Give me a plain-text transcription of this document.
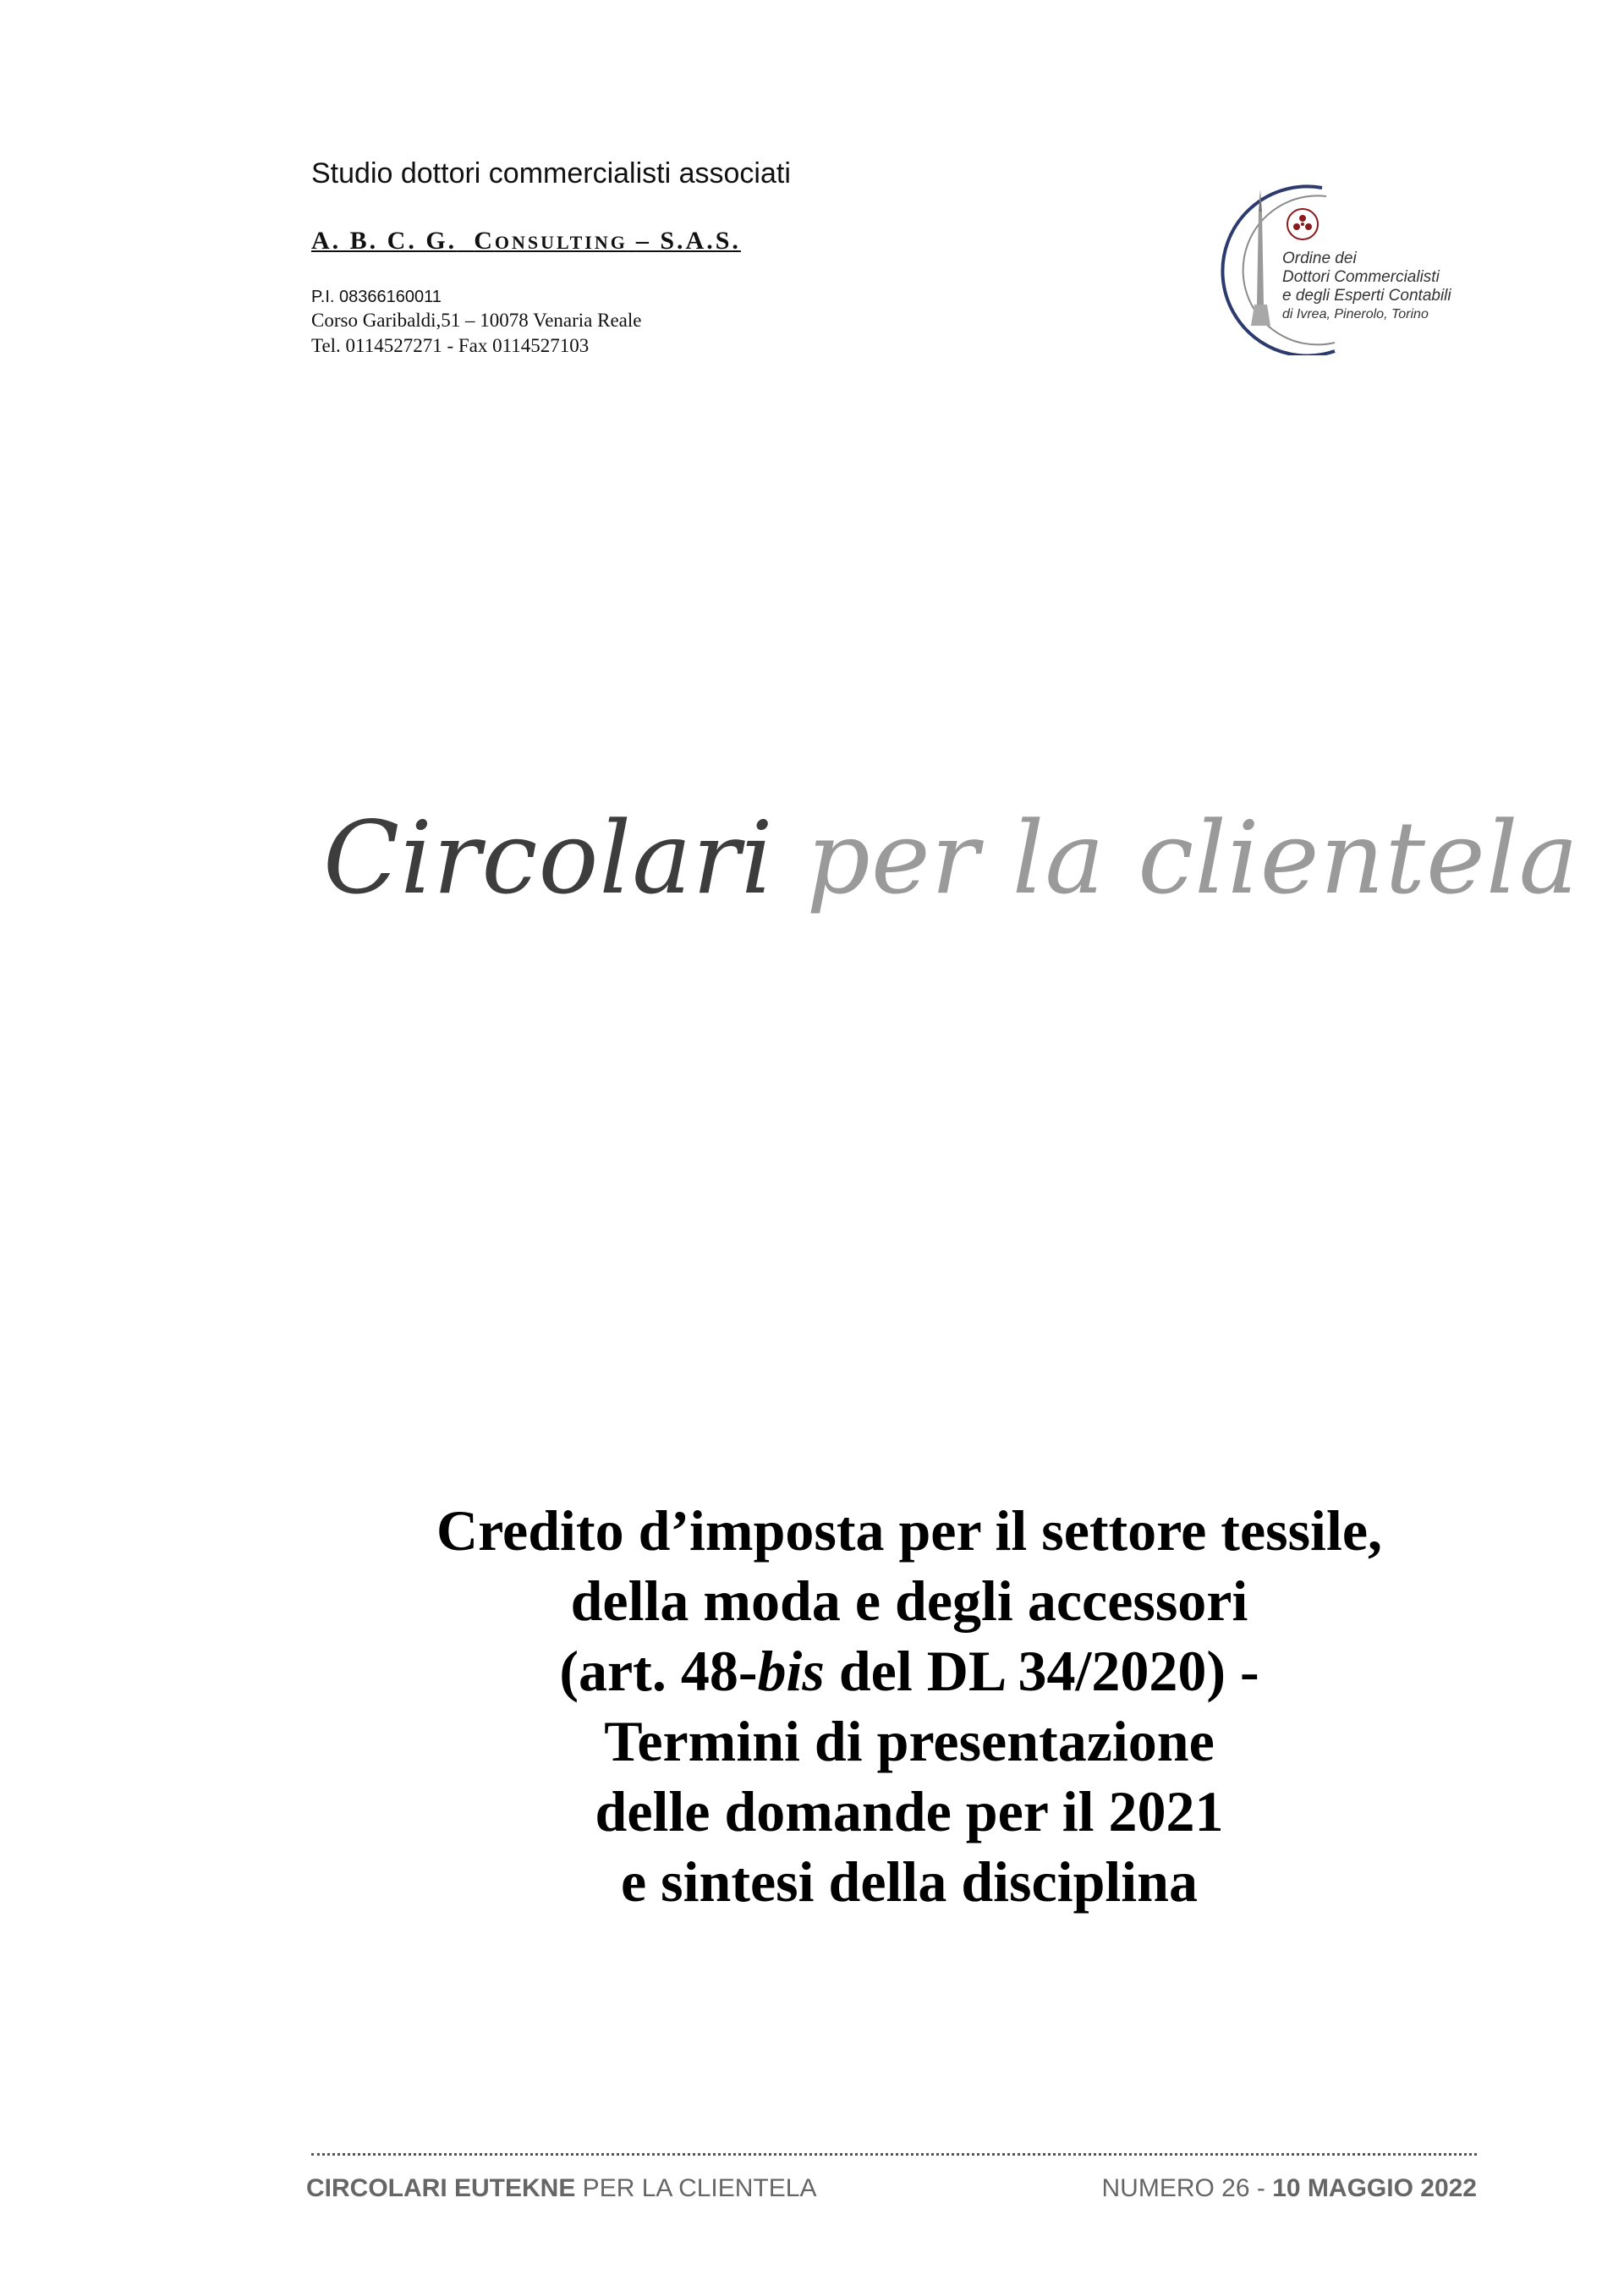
Studio dottori commercialisti associati
A. B. C. G. CONSULTING – S.A.S.
P.I. 08366160011
Corso Garibaldi,51 – 10078 Venaria Reale
Tel. 0114527271 - Fax 0114527103
Ordine dei
Dottori Commercialisti
e degli Esperti Contabili
di Ivrea, Pinerolo, Torino
Circolari per la clientela
Credito d’imposta per il settore tessile,
della moda e degli accessori
(art. 48-bis del DL 34/2020) -
Termini di presentazione
delle domande per il 2021
e sintesi della disciplina
CIRCOLARI EUTEKNE PER LA CLIENTELA	NUMERO 26 - 10 MAGGIO 2022
